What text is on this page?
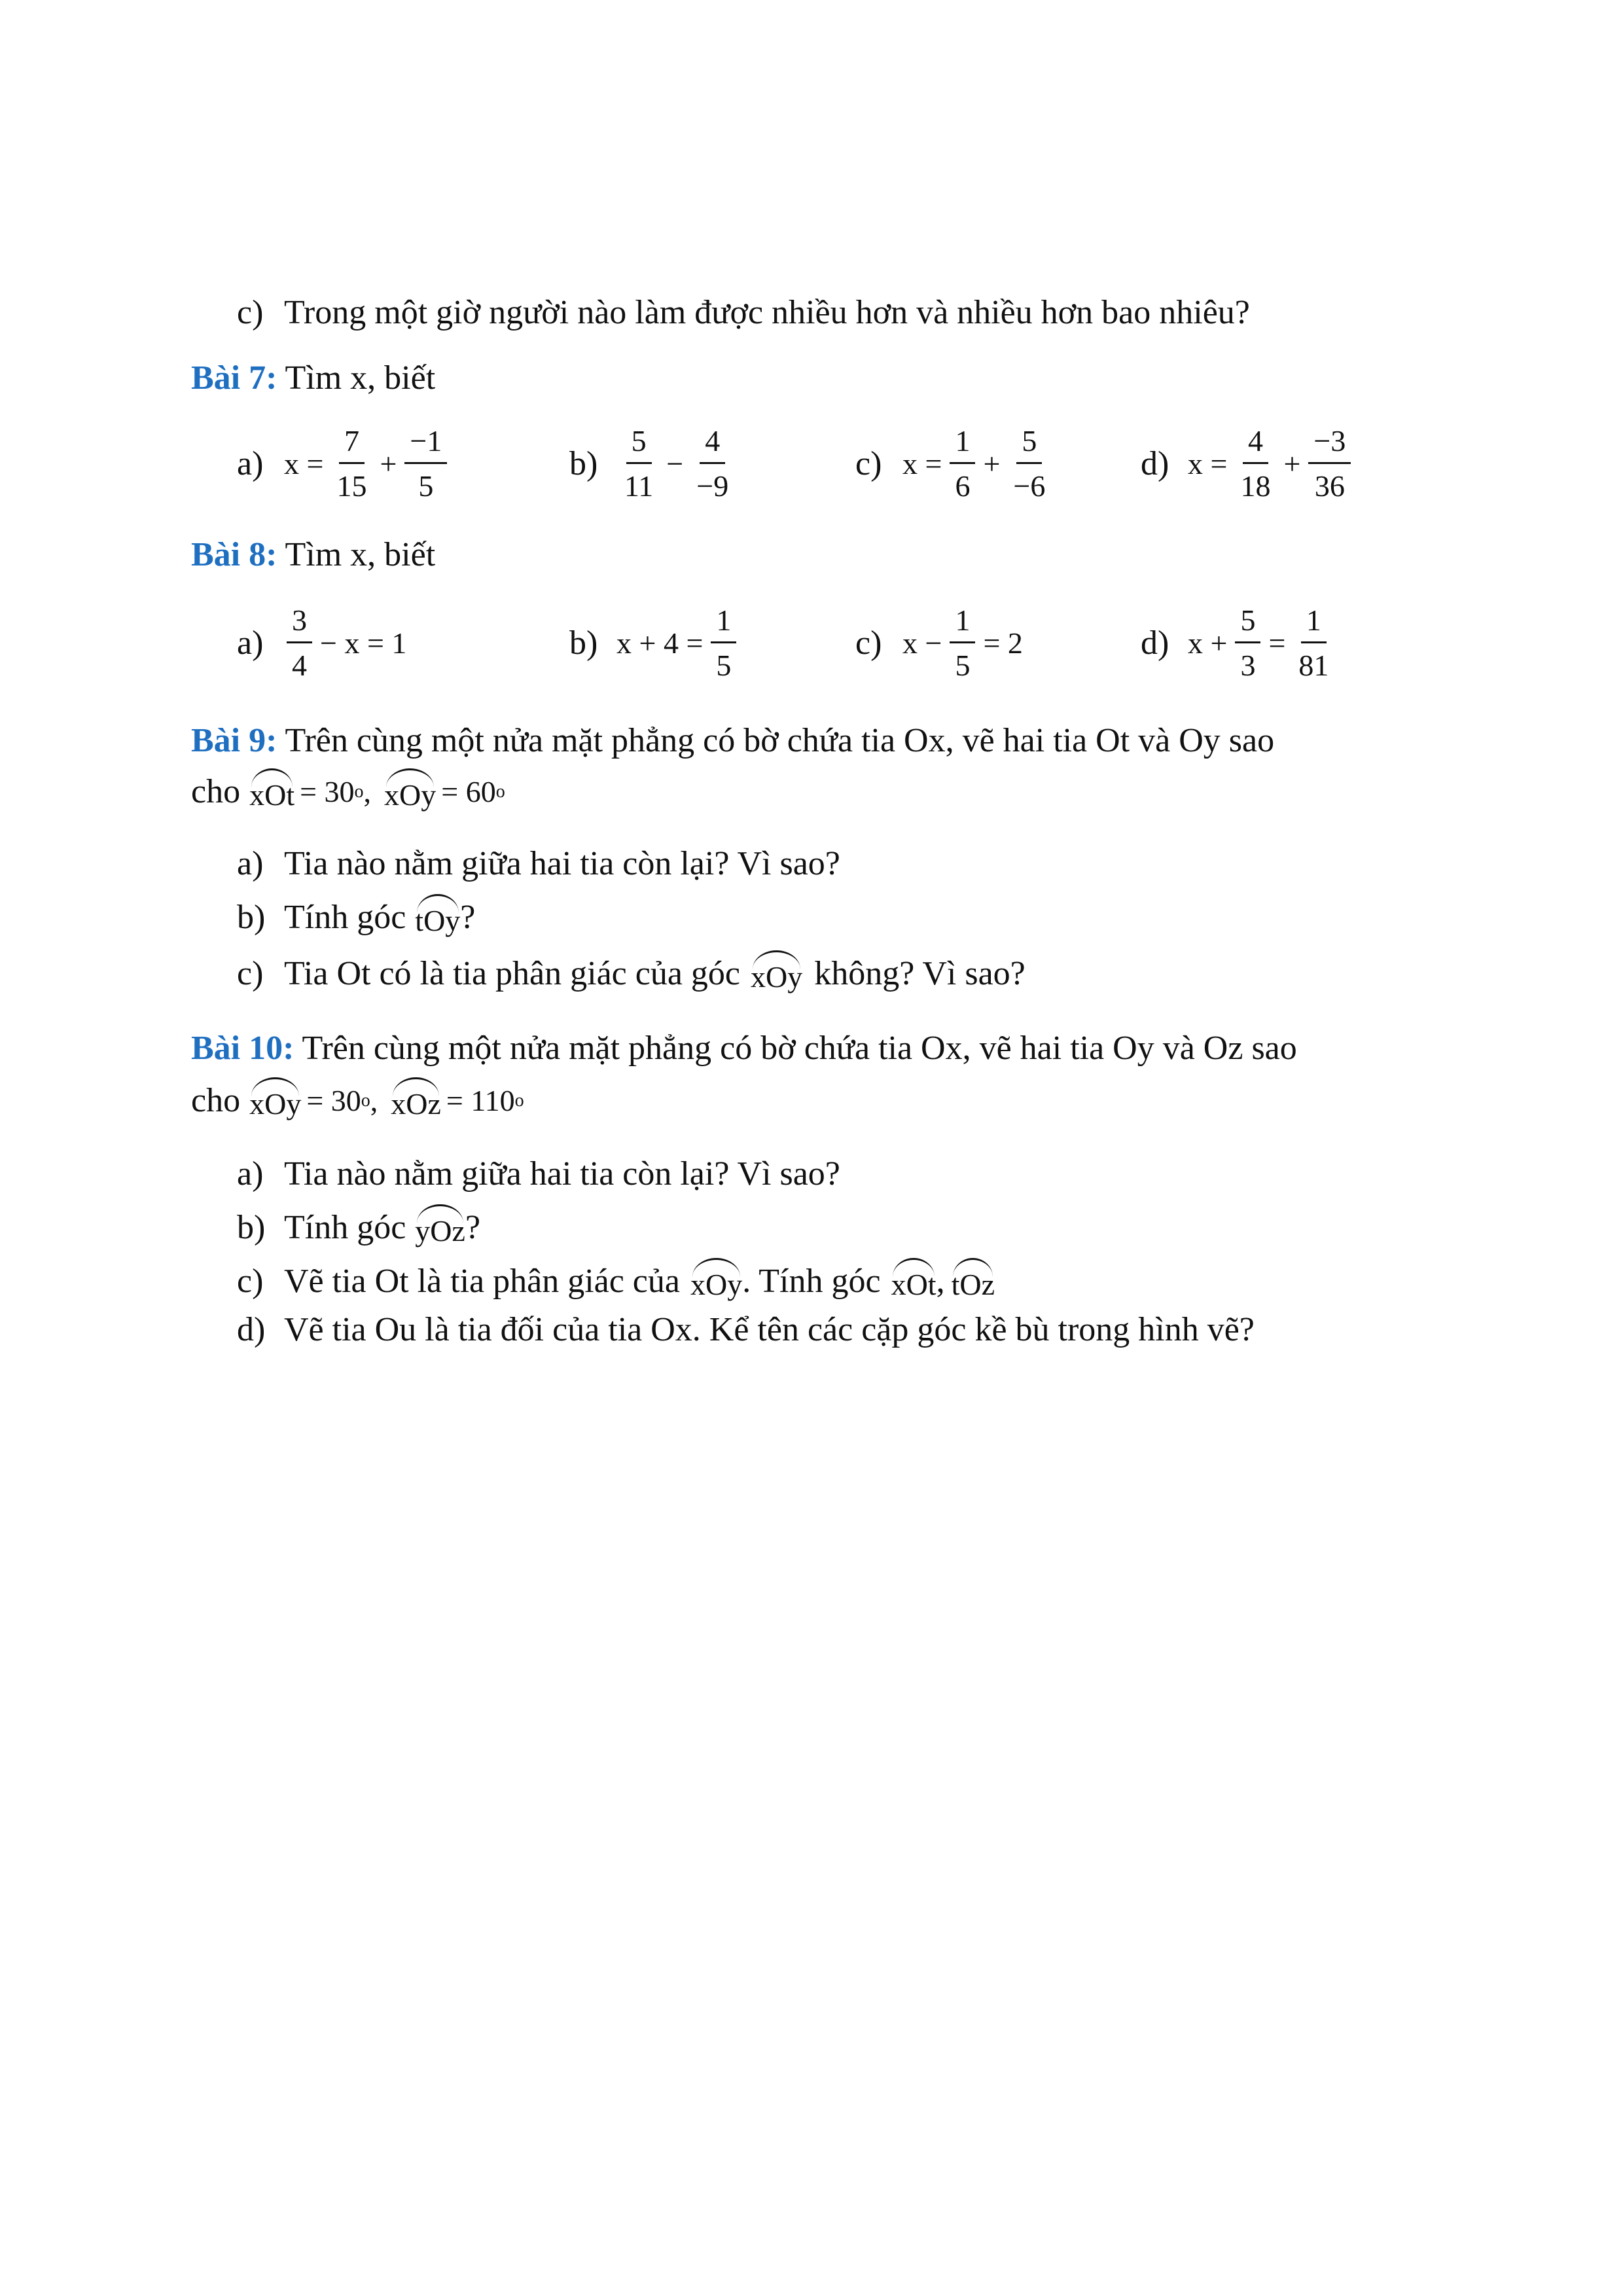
c) Trong một giờ người nào làm được nhiều hơn và nhiều hơn bao nhiêu?
Bài 7: Tìm x, biết
a) $x = \frac{7}{15} + \frac{-1}{5}$	$b) \frac{5}{11} - \frac{4}{-9}$	c) $x = \frac{1}{6} + \frac{5}{-6}$	d) $x = \frac{4}{18} + \frac{-3}{36}$
Bài 8: Tìm x, biết
$a) \frac{3}{4} - x = 1$	b) $x + 4 = \frac{1}{5}$	c) $x - \frac{1}{5} = 2$	d) $x + \frac{5}{3} = \frac{1}{81}$
Bài 9: Trên cùng một nửa mặt phẳng có bờ chứa tia Ox, vẽ hai tia Ot và Oy sao
cho xOt = 30 o , xOy = 60 o
a) Tia nào nằm giữa hai tia còn lại? Vì sao?
b) Tính góc tOy ?
c) Tia Ot có là tia phân giác của góc xOy không? Vì sao?
Bài 10: Trên cùng một nửa mặt phẳng có bờ chứa tia Ox, vẽ hai tia Oy và Oz sao
cho xOy = 30 o , xOz = 110 o
a) Tia nào nằm giữa hai tia còn lại? Vì sao?
b) Tính góc yOz ?
c) Vẽ tia Ot là tia phân giác của xOy . Tính góc xOt , tOz
d) Vẽ tia Ou là tia đối của tia Ox. Kể tên các cặp góc kề bù trong hình vẽ?
